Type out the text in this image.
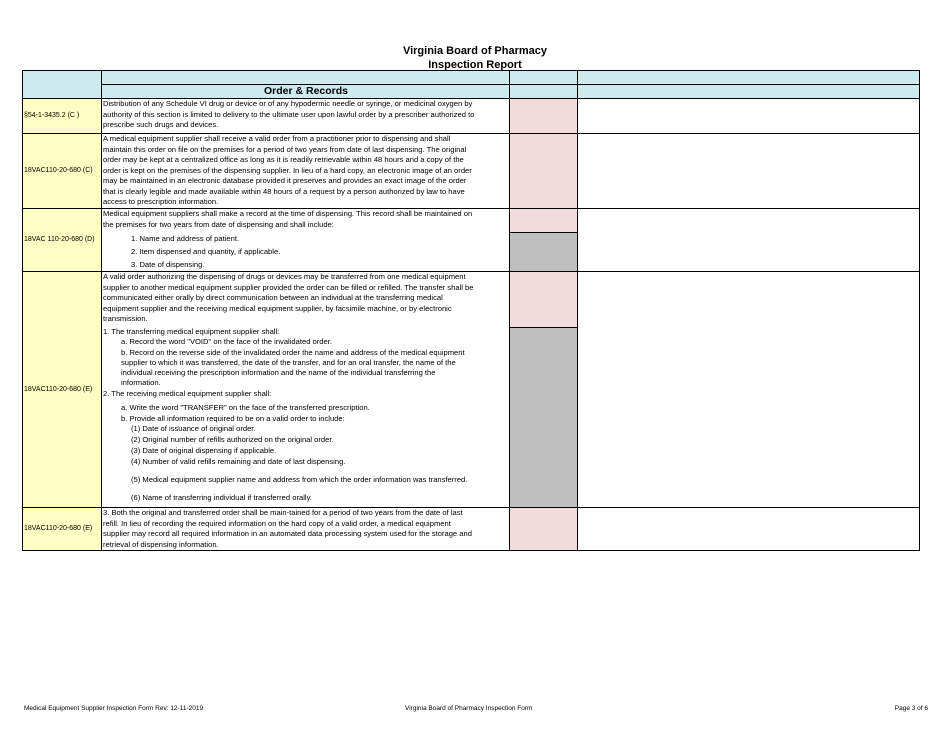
Virginia Board of Pharmacy
Inspection Report
Order & Records
§54-1-3435.2 (C )
Distribution of any Schedule VI drug or device or of any hypodermic needle or syringe, or medicinal oxygen by
authority of this section is limited to delivery to the ultimate user upon lawful order by a prescriber authorized to
prescribe such drugs and devices.
18VAC110-20-680 (C)
A medical equipment supplier shall receive a valid order from a practitioner prior to dispensing and shall
maintain this order on file on the premises for a period of two years from date of last dispensing. The original
order may be kept at a centralized office as long as it is readily retrievable within 48 hours and a copy of the
order is kept on the premises of the dispensing supplier. In lieu of a hard copy, an electronic image of an order
may be maintained in an electronic database provided it preserves and provides an exact image of the order
that is clearly legible and made available within 48 hours of a request by a person authorized by law to have
access to prescription information.
18VAC 110-20-680 (D)
Medical equipment suppliers shall make a record at the time of dispensing. This record shall be maintained on
the premises for two years from date of dispensing and shall include:
1. Name and address of patient.
2. Item dispensed and quantity, if applicable.
3. Date of dispensing.
18VAC110-20-680 (E)
A valid order authorizing the dispensing of drugs or devices may be transferred from one medical equipment
supplier to another medical equipment supplier provided the order can be filled or refilled. The transfer shall be
communicated either orally by direct communication between an individual at the transferring medical
equipment supplier and the receiving medical equipment supplier, by facsimile machine, or by electronic
transmission.
1. The transferring medical equipment supplier shall:
a. Record the word "VOID" on the face of the invalidated order.
b. Record on the reverse side of the invalidated order the name and address of the medical equipment
supplier to which it was transferred, the date of the transfer, and for an oral transfer, the name of the
individual receiving the prescription information and the name of the individual transferring the
information.
2. The receiving medical equipment supplier shall:
a. Write the word "TRANSFER" on the face of the transferred prescription.
b. Provide all information required to be on a valid order to include:
(1) Date of issuance of original order.
(2) Original number of refills authorized on the original order.
(3) Date of original dispensing if applicable.
(4) Number of valid refills remaining and date of last dispensing.
(5) Medical equipment supplier name and address from which the order information was transferred.
(6) Name of transferring individual if transferred orally.
18VAC110-20-680 (E)
3. Both the original and transferred order shall be main-tained for a period of two years from the date of last
refill. In lieu of recording the required information on the hard copy of a valid order, a medical equipment
supplier may record all required information in an automated data processing system used for the storage and
retrieval of dispensing information.
Medical Equipment Supplier Inspection Form Rev: 12-11-2019	Virginia Board of Pharmacy Inspection Form	Page 3 of 6
